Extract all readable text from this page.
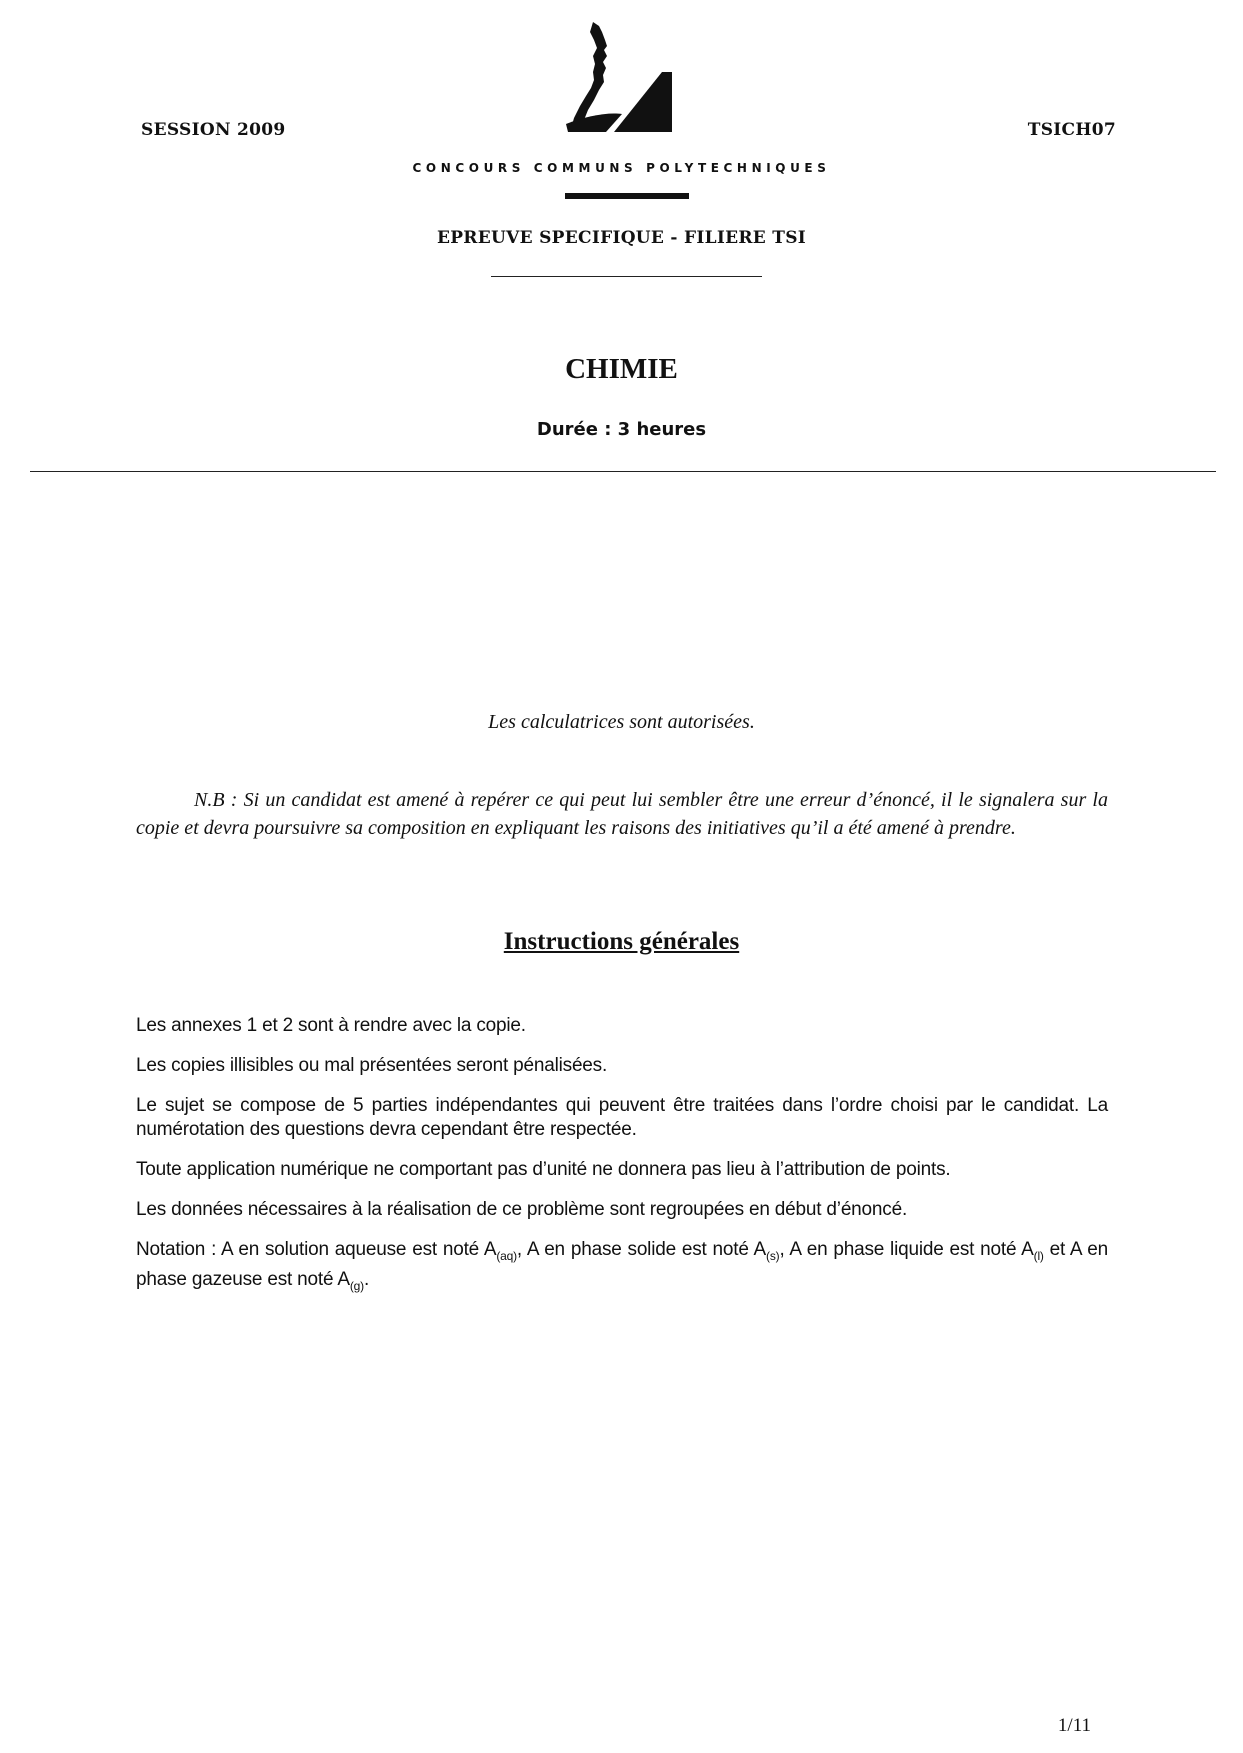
SESSION 2009	TSICH07
CONCOURS COMMUNS POLYTECHNIQUES
EPREUVE SPECIFIQUE - FILIERE TSI
CHIMIE
Durée : 3 heures
Les calculatrices sont autorisées.
N.B : Si un candidat est amené à repérer ce qui peut lui sembler être une erreur d’énoncé, il le signalera sur la copie et devra poursuivre sa composition en expliquant les raisons des initiatives qu’il a été amené à prendre.
Instructions générales
Les annexes 1 et 2 sont à rendre avec la copie.
Les copies illisibles ou mal présentées seront pénalisées.
Le sujet se compose de 5 parties indépendantes qui peuvent être traitées dans l’ordre choisi par le candidat. La numérotation des questions devra cependant être respectée.
Toute application numérique ne comportant pas d’unité ne donnera pas lieu à l’attribution de points.
Les données nécessaires à la réalisation de ce problème sont regroupées en début d’énoncé.
Notation : A en solution aqueuse est noté $A_{(aq)}$, A en phase solide est noté $A_{(s)}$, A en phase liquide est noté $A_{(l)}$ et A en phase gazeuse est noté $A_{(g)}$.
1/11
